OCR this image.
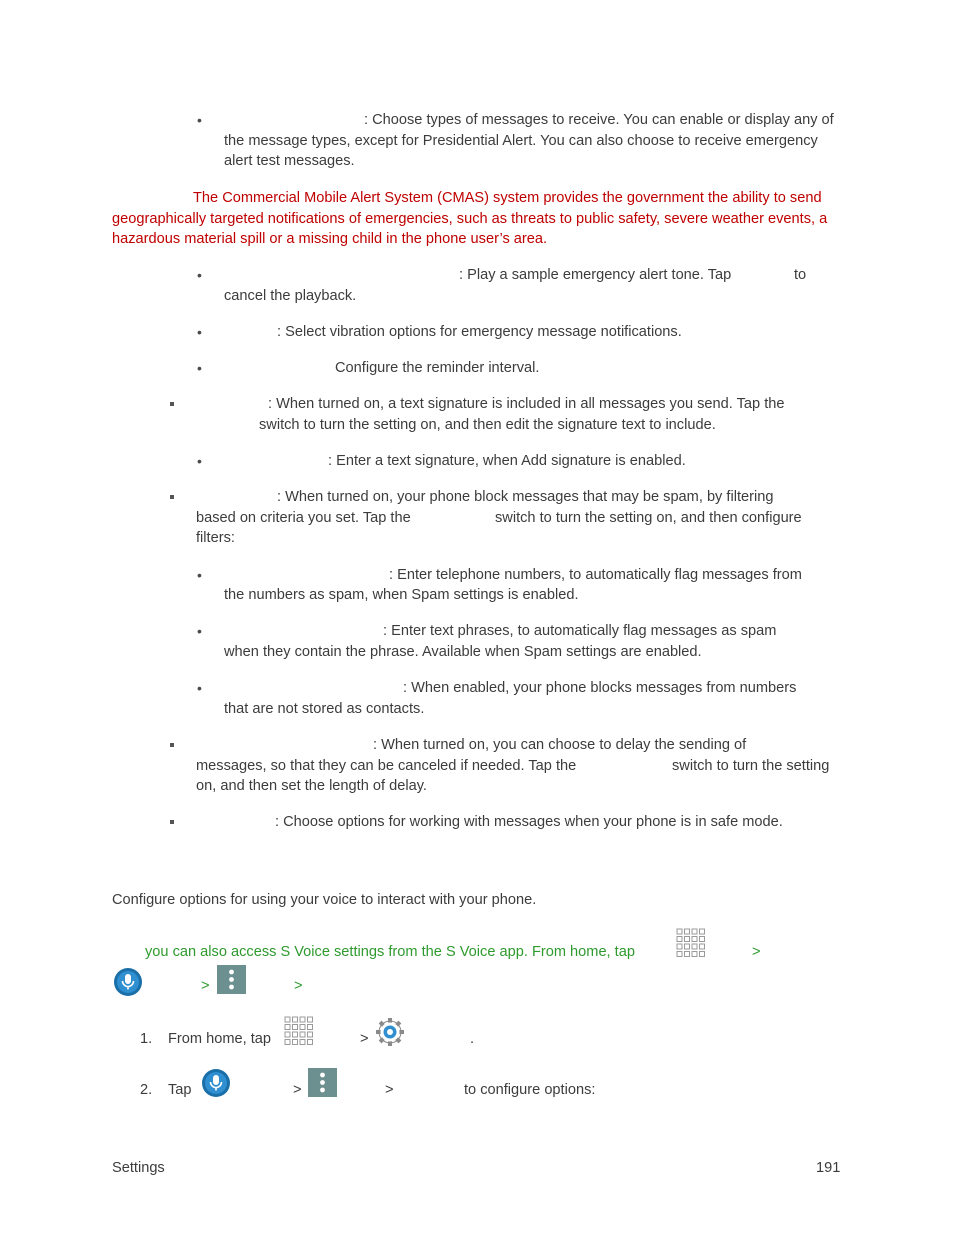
•	: Choose types of messages to receive. You can enable or display any of the message types, except for Presidential Alert. You can also choose to receive emergency alert test messages.

The Commercial Mobile Alert System (CMAS) system provides the government the ability to send geographically targeted notifications of emergencies, such as threats to public safety, severe weather events, a hazardous material spill or a missing child in the phone user’s area.

•	: Play a sample emergency alert tone. Tap	to
cancel the playback.
•	: Select vibration options for emergency message notifications.
•	Configure the reminder interval.
: When turned on, a text signature is included in all messages you send. Tap the
switch to turn the setting on, and then edit the signature text to include.
•	: Enter a text signature, when Add signature is enabled.
: When turned on, your phone block messages that may be spam, by filtering
based on criteria you set. Tap the	switch to turn the setting on, and then configure
filters:
•	: Enter telephone numbers, to automatically flag messages from
the numbers as spam, when Spam settings is enabled.
•	: Enter text phrases, to automatically flag messages as spam
when they contain the phrase. Available when Spam settings are enabled.
•	: When enabled, your phone blocks messages from numbers
that are not stored as contacts.
: When turned on, you can choose to delay the sending of
messages, so that they can be canceled if needed. Tap the	switch to turn the setting
on, and then set the length of delay.
: Choose options for working with messages when your phone is in safe mode.
Configure options for using your voice to interact with your phone.
you can also access S Voice settings from the S Voice app. From home, tap	>
>	>
1. From home, tap	>	.
2. Tap	>	>	to configure options:
Settings	191
